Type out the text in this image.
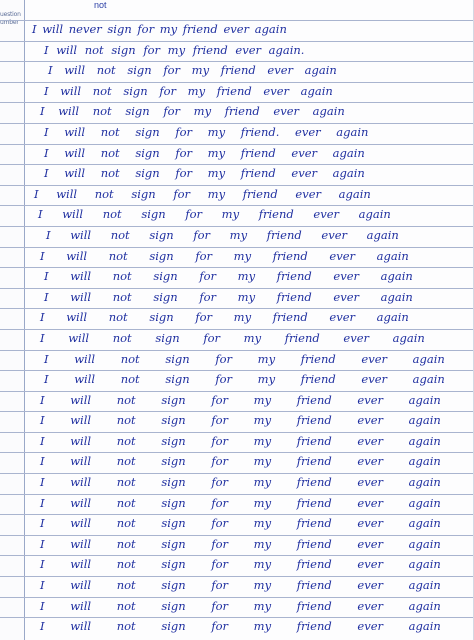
uestion
umber
not
I will never sign for my friend ever again
I will not sign for my friend ever again.
I will not sign for my friend ever again
I will not sign for my friend ever again
I will not sign for my friend ever again
I will not sign for my friend. ever again
I will not sign for my friend ever again
I will not sign for my friend ever again
I will not sign for my friend ever again
I will not sign for my friend ever again
I will not sign for my friend ever again
I will not sign for my friend ever again
I will not sign for my friend ever again
I will not sign for my friend ever again
I will not sign for my friend ever again
I will not sign for my friend ever again
I will not sign for my friend ever again
I will not sign for my friend ever again
I will not sign for my friend ever again
I will not sign for my friend ever again
I will not sign for my friend ever again
I will not sign for my friend ever again
I will not sign for my friend ever again
I will not sign for my friend ever again
I will not sign for my friend ever again
I will not sign for my friend ever again
I will not sign for my friend ever again
I will not sign for my friend ever again
I will not sign for my friend ever again
I will not sign for my friend ever again
